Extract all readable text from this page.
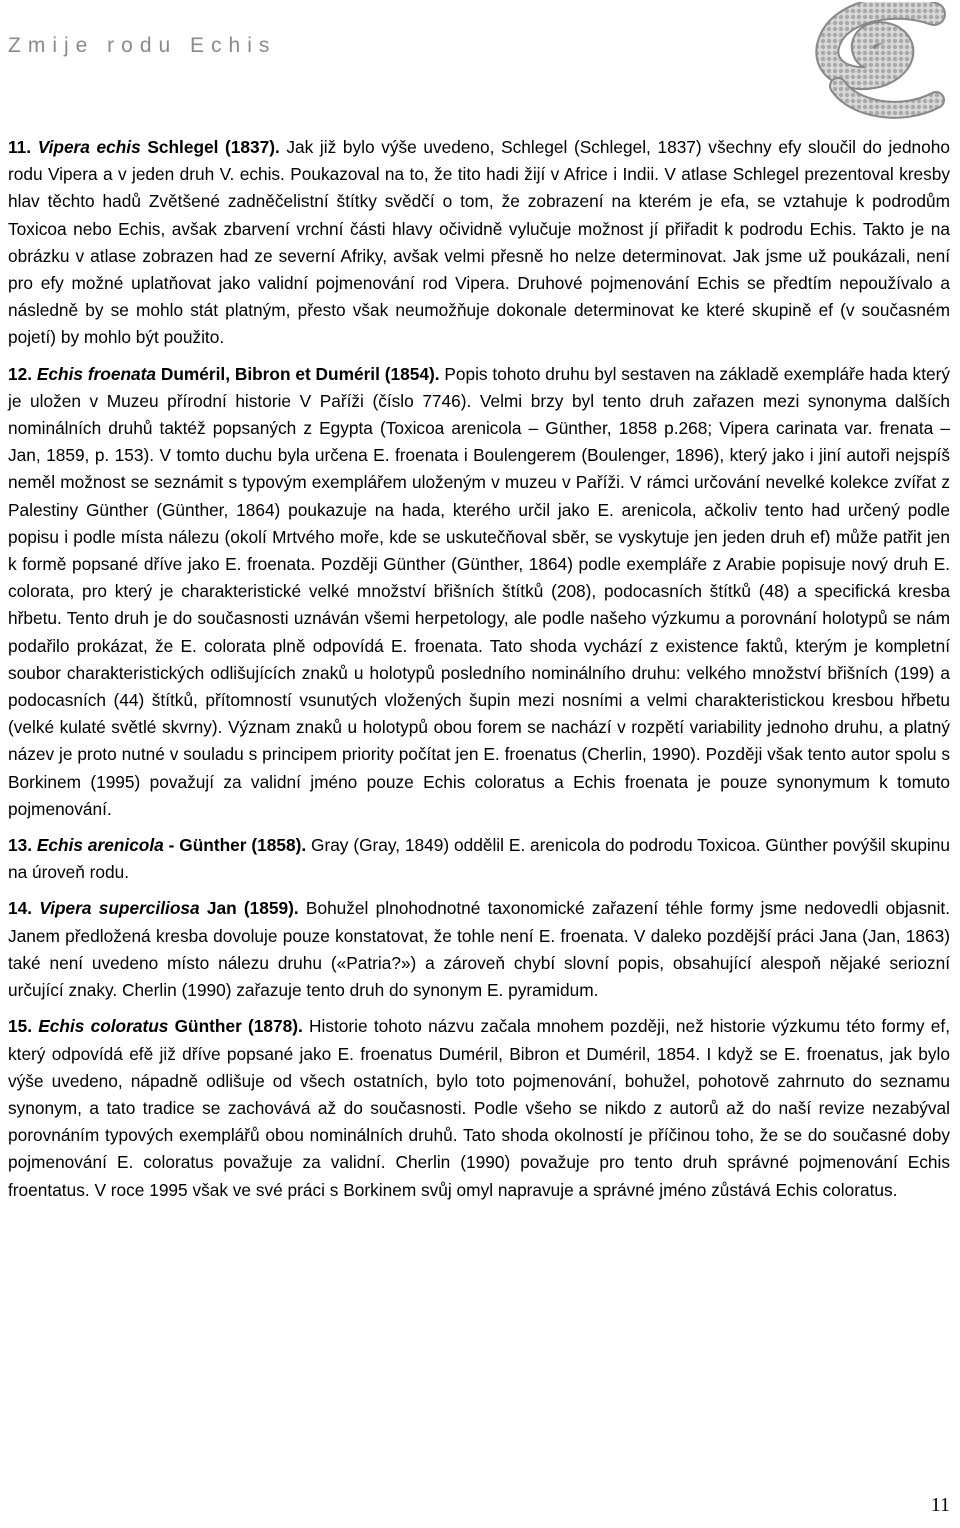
Zmije rodu Echis

11. Vipera echis Schlegel (1837). Jak již bylo výše uvedeno, Schlegel (Schlegel, 1837) všechny efy sloučil do jednoho rodu Vipera a v jeden druh V. echis. Poukazoval na to, že tito hadi žijí v Africe i Indii. V atlase Schlegel prezentoval kresby hlav těchto hadů Zvětšené zadněčelistní štítky svědčí o tom, že zobrazení na kterém je efa, se vztahuje k podrodům Toxicoa nebo Echis, avšak zbarvení vrchní části hlavy očividně vylučuje možnost jí přiřadit k podrodu Echis. Takto je na obrázku v atlase zobrazen had ze severní Afriky, avšak velmi přesně ho nelze determinovat. Jak jsme už poukázali, není pro efy možné uplatňovat jako validní pojmenování rod Vipera. Druhové pojmenování Echis se předtím nepoužívalo a následně by se mohlo stát platným, přesto však neumožňuje dokonale determinovat ke které skupině ef (v současném pojetí) by mohlo být použito.

12. Echis froenata Duméril, Bibron et Duméril (1854). Popis tohoto druhu byl sestaven na základě exempláře hada který je uložen v Muzeu přírodní historie V Paříži (číslo 7746). Velmi brzy byl tento druh zařazen mezi synonyma dalších nominálních druhů taktéž popsaných z Egypta (Toxicoa arenicola – Günther, 1858 p.268; Vipera carinata var. frenata – Jan, 1859, p. 153). V tomto duchu byla určena E. froenata i Boulengerem (Boulenger, 1896), který jako i jiní autoři nejspíš neměl možnost se seznámit s typovým exemplářem uloženým v muzeu v Paříži. V rámci určování nevelké kolekce zvířat z Palestiny Günther (Günther, 1864) poukazuje na hada, kterého určil jako E. arenicola, ačkoliv tento had určený podle popisu i podle místa nálezu (okolí Mrtvého moře, kde se uskutečňoval sběr, se vyskytuje jen jeden druh ef) může patřit jen k formě popsané dříve jako E. froenata. Později Günther (Günther, 1864) podle exempláře z Arabie popisuje nový druh E. colorata, pro který je charakteristické velké množství břišních štítků (208), podocasních štítků (48) a specifická kresba hřbetu. Tento druh je do současnosti uznáván všemi herpetology, ale podle našeho výzkumu a porovnání holotypů se nám podařilo prokázat, že E. colorata plně odpovídá E. froenata. Tato shoda vychází z existence faktů, kterým je kompletní soubor charakteristických odlišujících znaků u holotypů posledního nominálního druhu: velkého množství břišních (199) a podocasních (44) štítků, přítomností vsunutých vložených šupin mezi nosními a velmi charakteristickou kresbou hřbetu (velké kulaté světlé skvrny). Význam znaků u holotypů obou forem se nachází v rozpětí variability jednoho druhu, a platný název je proto nutné v souladu s principem priority počítat jen E. froenatus (Cherlin, 1990). Později však tento autor spolu s Borkinem (1995) považují za validní jméno pouze Echis coloratus a Echis froenata je pouze synonymum k tomuto pojmenování.

13. Echis arenicola - Günther (1858). Gray (Gray, 1849) oddělil E. arenicola do podrodu Toxicoa. Günther povýšil skupinu na úroveň rodu.

14. Vipera superciliosa Jan (1859). Bohužel plnohodnotné taxonomické zařazení téhle formy jsme nedovedli objasnit. Janem předložená kresba dovoluje pouze konstatovat, že tohle není E. froenata. V daleko pozdější práci Jana (Jan, 1863) také není uvedeno místo nálezu druhu («Patria?») a zároveň chybí slovní popis, obsahující alespoň nějaké seriozní určující znaky. Cherlin (1990) zařazuje tento druh do synonym E. pyramidum.

15. Echis coloratus Günther (1878). Historie tohoto názvu začala mnohem později, než historie výzkumu této formy ef, který odpovídá efě již dříve popsané jako E. froenatus Duméril, Bibron et Duméril, 1854. I když se E. froenatus, jak bylo výše uvedeno, nápadně odlišuje od všech ostatních, bylo toto pojmenování, bohužel, pohotově zahrnuto do seznamu synonym, a tato tradice se zachovává až do současnosti. Podle všeho se nikdo z autorů až do naší revize nezabýval porovnáním typových exemplářů obou nominálních druhů. Tato shoda okolností je příčinou toho, že se do současné doby pojmenování E. coloratus považuje za validní. Cherlin (1990) považuje pro tento druh správné pojmenování Echis froentatus. V roce 1995 však ve své práci s Borkinem svůj omyl napravuje a správné jméno zůstává Echis coloratus.

11
